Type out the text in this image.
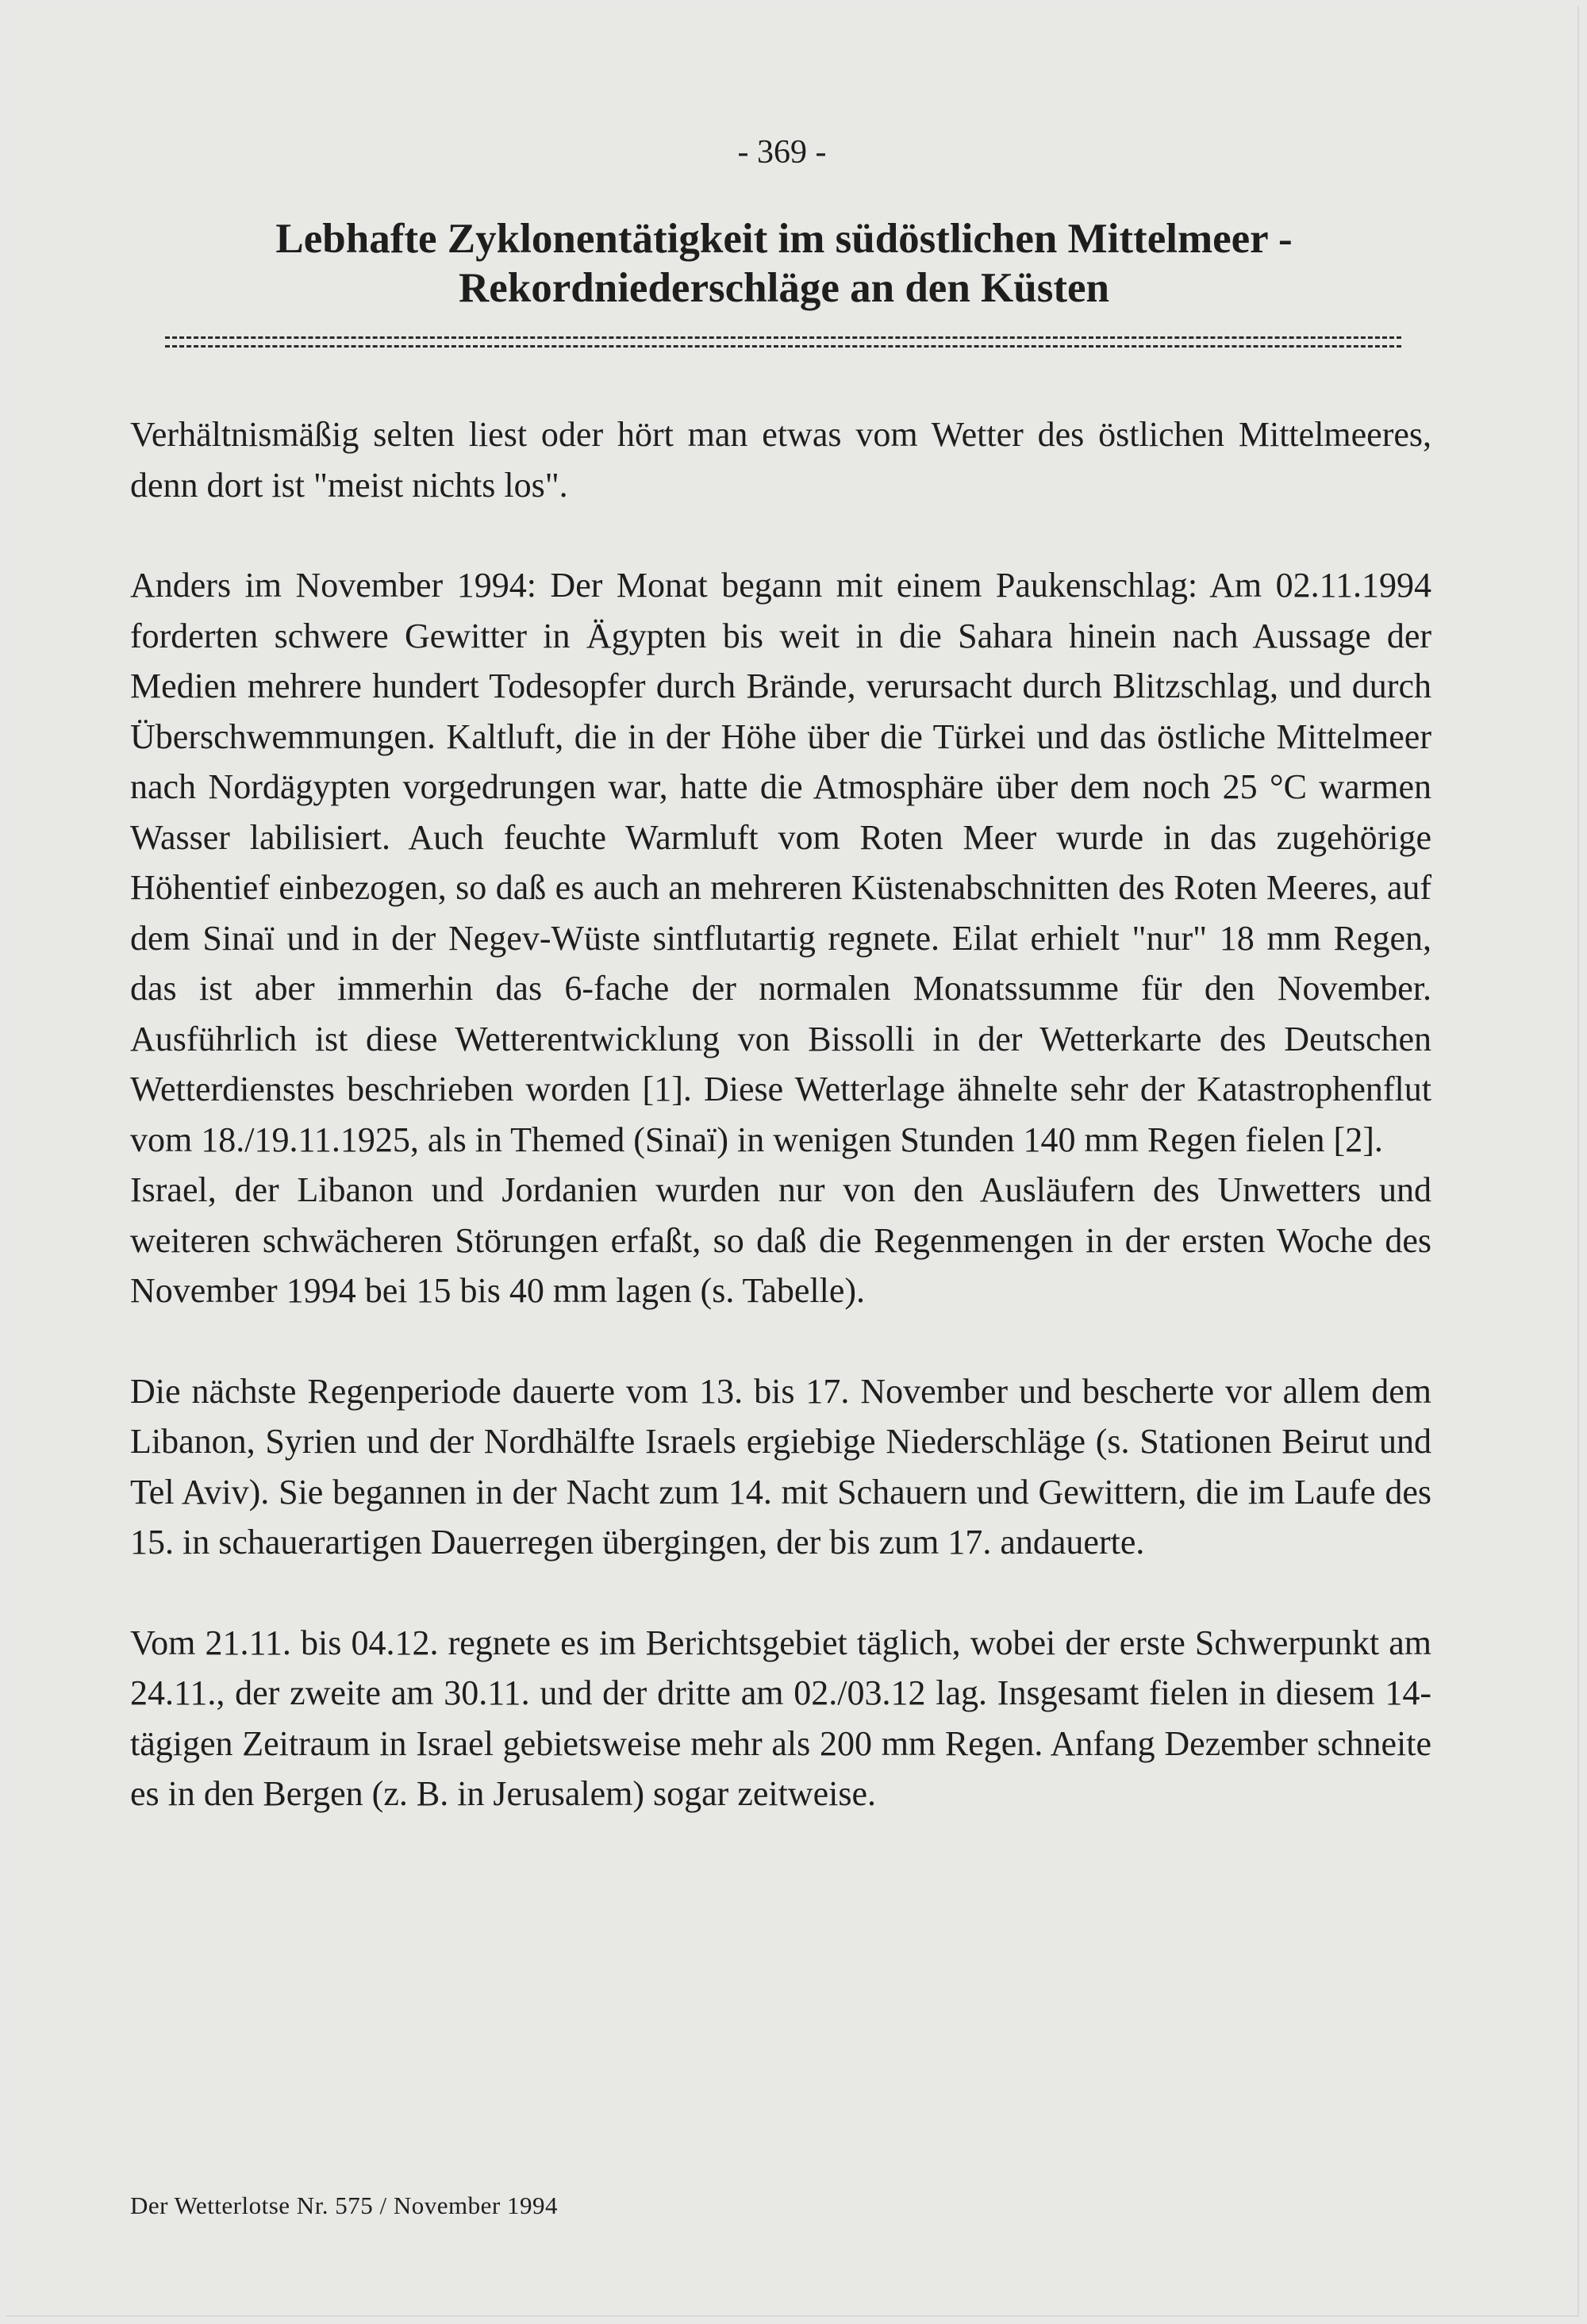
- 369 -
Lebhafte Zyklonentätigkeit im südöstlichen Mittelmeer -
Rekordniederschläge an den Küsten

Verhältnismäßig selten liest oder hört man etwas vom Wetter des östlichen Mittelmeeres, denn dort ist "meist nichts los".

Anders im November 1994: Der Monat begann mit einem Paukenschlag: Am 02.11.1994 forderten schwere Gewitter in Ägypten bis weit in die Sahara hinein nach Aussage der Medien mehrere hundert Todesopfer durch Brände, verursacht durch Blitzschlag, und durch Überschwemmungen. Kaltluft, die in der Höhe über die Türkei und das östliche Mittelmeer nach Nordägypten vorgedrungen war, hatte die Atmosphäre über dem noch 25 °C warmen Wasser labilisiert. Auch feuchte Warmluft vom Roten Meer wurde in das zugehörige Höhentief einbezogen, so daß es auch an mehreren Küstenabschnitten des Roten Meeres, auf dem Sinaï und in der Negev-Wüste sintflutartig regnete. Eilat erhielt "nur" 18 mm Regen, das ist aber immerhin das 6-fache der normalen Monatssumme für den November. Ausführlich ist diese Wetterentwicklung von Bissolli in der Wetterkarte des Deutschen Wetterdienstes beschrieben worden [1]. Diese Wetterlage ähnelte sehr der Katastrophenflut vom 18./19.11.1925, als in Themed (Sinaï) in wenigen Stunden 140 mm Regen fielen [2].

Israel, der Libanon und Jordanien wurden nur von den Ausläufern des Unwetters und weiteren schwächeren Störungen erfaßt, so daß die Regenmengen in der ersten Woche des November 1994 bei 15 bis 40 mm lagen (s. Tabelle).

Die nächste Regenperiode dauerte vom 13. bis 17. November und bescherte vor allem dem Libanon, Syrien und der Nordhälfte Israels ergiebige Niederschläge (s. Stationen Beirut und Tel Aviv). Sie begannen in der Nacht zum 14. mit Schauern und Gewittern, die im Laufe des 15. in schauerartigen Dauerregen übergingen, der bis zum 17. andauerte.

Vom 21.11. bis 04.12. regnete es im Berichtsgebiet täglich, wobei der erste Schwerpunkt am 24.11., der zweite am 30.11. und der dritte am 02./03.12 lag. Insgesamt fielen in diesem 14-tägigen Zeitraum in Israel gebietsweise mehr als 200 mm Regen. Anfang Dezember schneite es in den Bergen (z. B. in Jerusalem) sogar zeitweise.

Der Wetterlotse Nr. 575 / November 1994
